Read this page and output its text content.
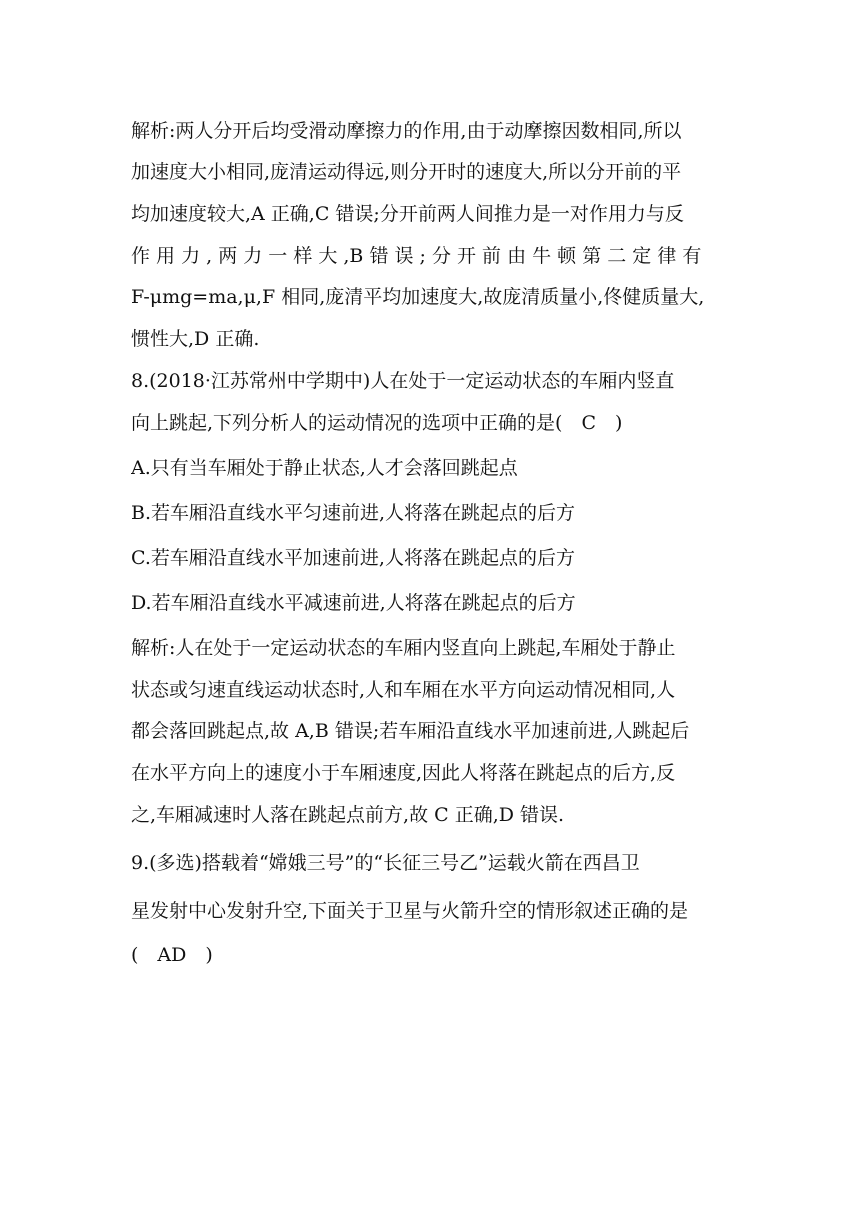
解析:两人分开后均受滑动摩擦力的作用,由于动摩擦因数相同,所以
加速度大小相同,庞清运动得远,则分开时的速度大,所以分开前的平
均加速度较大,A 正确,C 错误;分开前两人间推力是一对作用力与反
作 用 力 , 两 力 一 样 大 ,B 错 误 ; 分 开 前 由 牛 顿 第 二 定 律 有
F-μmg=ma,μ,F 相同,庞清平均加速度大,故庞清质量小,佟健质量大,
惯性大,D 正确.
8.(2018·江苏常州中学期中)人在处于一定运动状态的车厢内竖直
向上跳起,下列分析人的运动情况的选项中正确的是(　C　)
A.只有当车厢处于静止状态,人才会落回跳起点
B.若车厢沿直线水平匀速前进,人将落在跳起点的后方
C.若车厢沿直线水平加速前进,人将落在跳起点的后方
D.若车厢沿直线水平减速前进,人将落在跳起点的后方
解析:人在处于一定运动状态的车厢内竖直向上跳起,车厢处于静止
状态或匀速直线运动状态时,人和车厢在水平方向运动情况相同,人
都会落回跳起点,故 A,B 错误;若车厢沿直线水平加速前进,人跳起后
在水平方向上的速度小于车厢速度,因此人将落在跳起点的后方,反
之,车厢减速时人落在跳起点前方,故 C 正确,D 错误.
9.(多选)搭载着“嫦娥三号”的“长征三号乙”运载火箭在西昌卫
星发射中心发射升空,下面关于卫星与火箭升空的情形叙述正确的是
(　AD　)
